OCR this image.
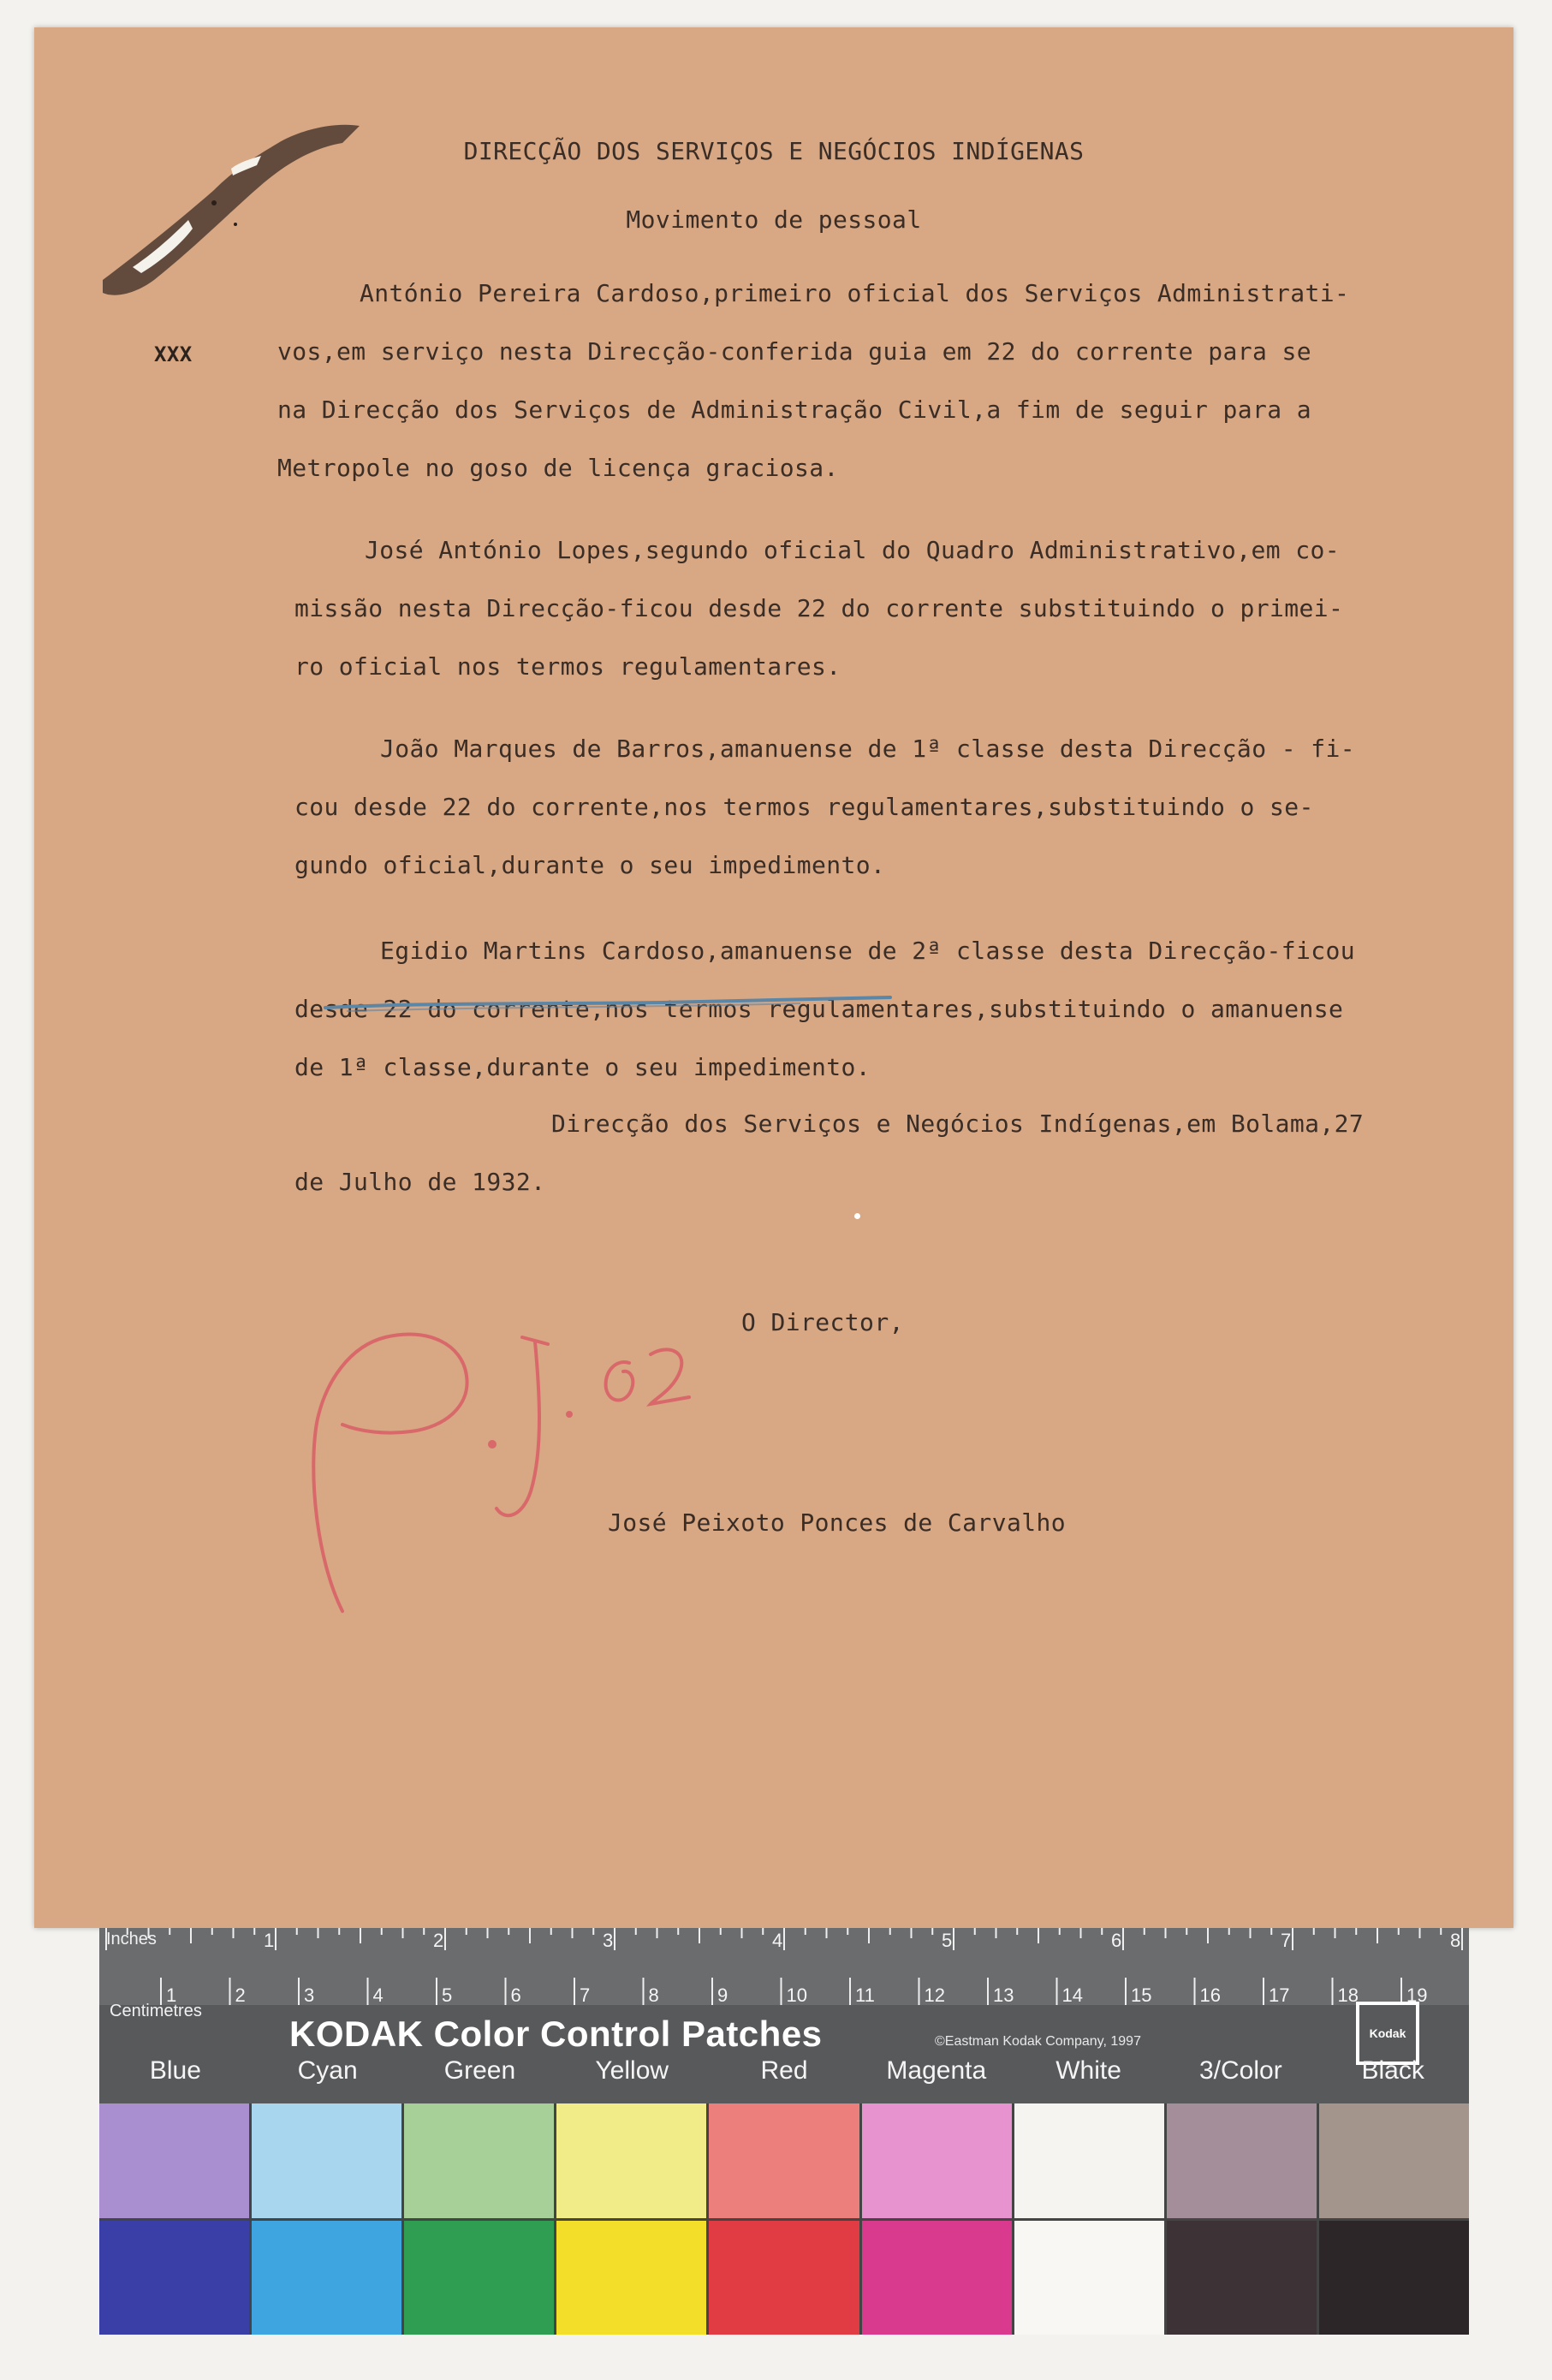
DIRECÇÃO DOS SERVIÇOS E NEGÓCIOS INDÍGENAS
Movimento de pessoal
XXX
António Pereira Cardoso,primeiro oficial dos Serviços Administrati-
vos,em serviço nesta Direcção-conferida guia em 22 do corrente para se
na Direcção dos Serviços de Administração Civil,a fim de seguir para a
Metropole no goso de licença graciosa.
José António Lopes,segundo oficial do Quadro Administrativo,em co-
missão nesta Direcção-ficou desde 22 do corrente substituindo o primei-
ro oficial nos termos regulamentares.
João Marques de Barros,amanuense de 1ª classe desta Direcção - fi-
cou desde 22 do corrente,nos termos regulamentares,substituindo o se-
gundo oficial,durante o seu impedimento.
Egidio Martins Cardoso,amanuense de 2ª classe desta Direcção-ficou
desde 22 do corrente,nos termos regulamentares,substituindo o amanuense
de 1ª classe,durante o seu impedimento.
Direcção dos Serviços e Negócios Indígenas,em Bolama,27
de Julho de 1932.
O Director,
José Peixoto Ponces de Carvalho
1	2	3	4	5	6	7	8
1	2	3	4	5	6	7	8	9	10	11	12	13	14	15	16	17	18	19
Inches
Centimetres
KODAK Color Control Patches	©Eastman Kodak Company, 1997
Kodak
Blue	Cyan	Green	Yellow	Red	Magenta	White	3/Color	Black
